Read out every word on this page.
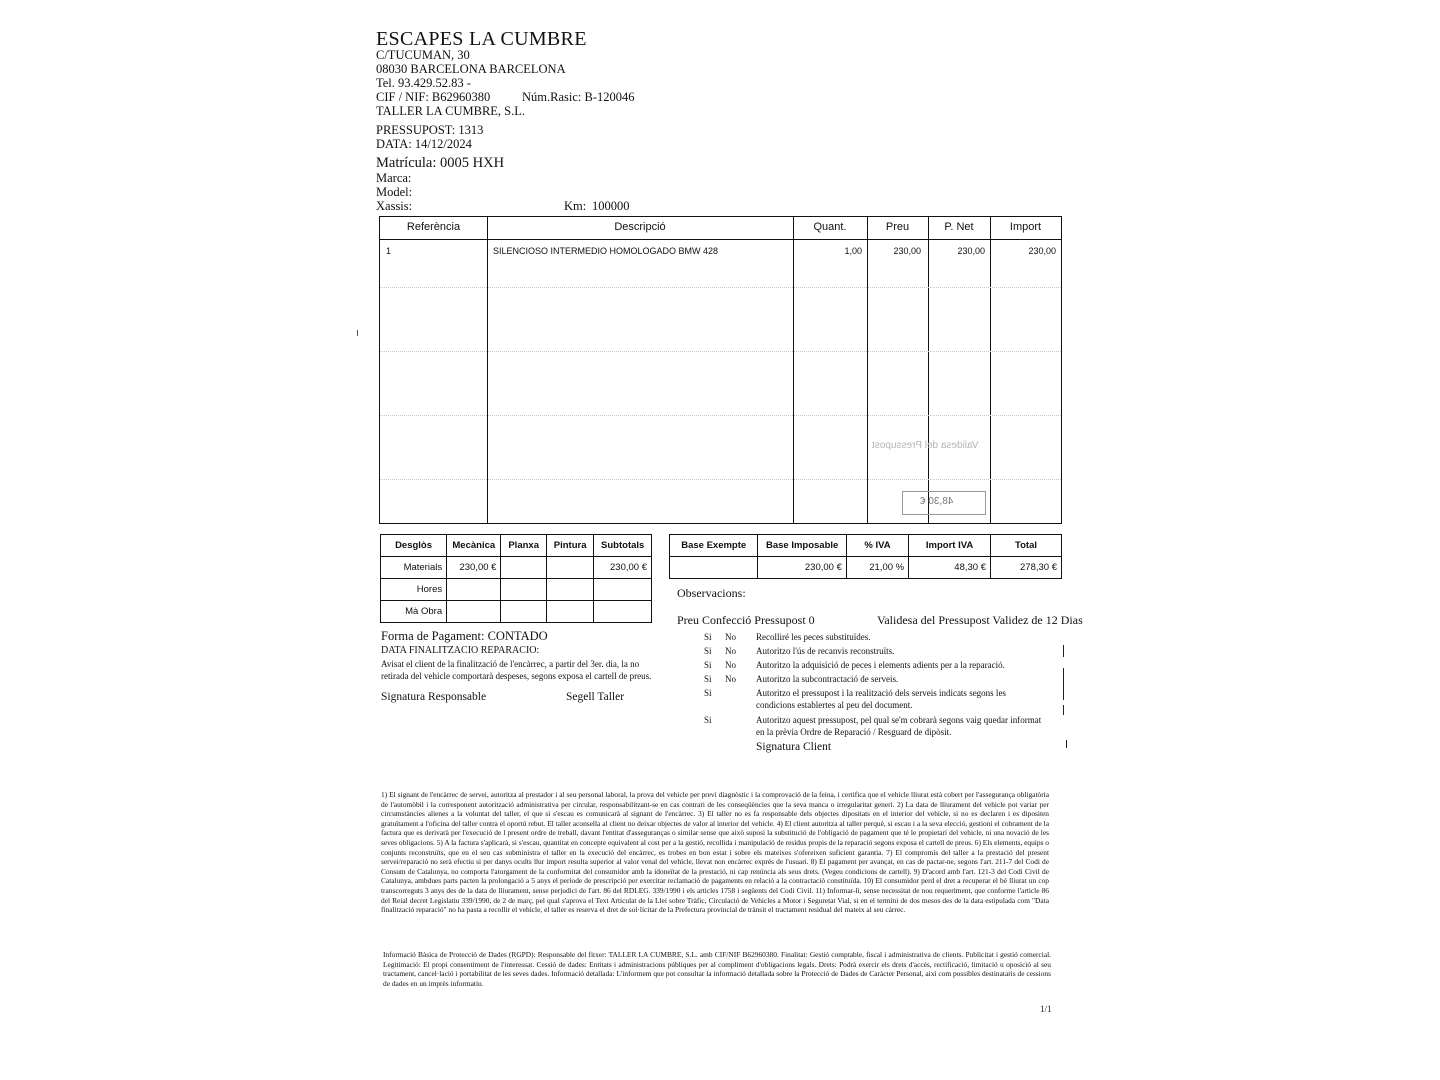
ESCAPES LA CUMBRE
C/TUCUMAN, 30
08030 BARCELONA BARCELONA
Tel. 93.429.52.83 -
CIF / NIF: B62960380	Núm.Rasic: B-120046
TALLER LA CUMBRE, S.L.
PRESSUPOST: 1313
DATA: 14/12/2024
Matrícula: 0005 HXH
Marca:
Model:
Xassis:	Km: 100000
Referència	Descripció	Quant.	Preu	P. Net	Import
1	SILENCIOSO INTERMEDIO HOMOLOGADO BMW 428	1,00	230,00	230,00	230,00
Validesa del Pressupost
48,30 €
Desglòs	Mecànica	Planxa	Pintura	Subtotals
Materials	230,00 €			230,00 €
Hores				
Mà Obra				
Base Exempte	Base Imposable	% IVA	Import IVA	Total
	230,00 €	21,00 %	48,30 €	278,30 €
Forma de Pagament: CONTADO
DATA FINALITZACIO REPARACIO:
Avisat el client de la finalització de l'encàrrec, a partir del 3er. dia, la no retirada del vehicle comportarà despeses, segons exposa el cartell de preus.
Signatura Responsable	Segell Taller
Observacions:
Preu Confecció Pressupost 0	Validesa del Pressupost Validez de 12 Dias
Si No Recolliré les peces substituïdes.
Si No Autoritzo l'ús de recanvis reconstruïts.
Si No Autoritzo la adquisició de peces i elements adients per a la reparació.
Si No Autoritzo la subcontractació de serveis.
Si	Autoritzo el pressupost i la realització dels serveis indicats segons les condicions establertes al peu del document.
Si	Autoritzo aquest pressupost, pel qual se'm cobrarà segons vaig quedar informat en la prèvia Ordre de Reparació / Resguard de dipòsit.
Signatura Client
1) El signant de l'encàrrec de servei, autoritza al prestador i al seu personal laboral, la prova del vehicle per previ diagnòstic i la comprovació de la feina, i certifica que el vehicle lliurat està cobert per l'assegurança obligatòria de l'automòbil i la corresponent autorització administrativa per circular, responsabilitzant-se en cas contrari de les conseqüències que la seva manca o irregularitat generi. 2) La data de lliurament del vehicle pot variar per circumstàncies alienes a la voluntat del taller, el que si s'escau es comunicarà al signant de l'encàrrec. 3) El taller no es fa responsable dels objectes dipositats en el interior del vehicle, si no es declaren i es dipositen gratuïtament a l'oficina del taller contra el oportú rebut. El taller aconsella al client no deixar objectes de valor al interior del vehicle. 4) El client autoritza al taller perquè, si escau i a la seva elecció, gestioni el cobrament de la factura que es derivarà per l'execució de l present ordre de treball, davant l'entitat d'asseguranças o similar sense que això suposi la substitució de l'obligació de pagament que té le propietari del vehicle, ni una novació de les seves obligacions. 5) A la factura s'aplicarà, si s'escau, quantitat en concepte equivalent al cost per a la gestió, recollida i manipulació de residus propis de la reparació segons exposa el cartell de preus. 6) Els elements, equips o conjunts reconstruïts, que en el seu cas subministra el taller en la execució del encàrrec, es trobes en bon estat i sobre els mateixes s'ofereixen suficient garantia. 7) El compromís del taller a la prestació del present servei/reparació no serà efectiu si per danys ocults llur import resulta superior al valor venal del vehicle, llevat non encàrrec exprés de l'usuari. 8) El pagament per avançat, en cas de pactar-ne, segons l'art. 211-7 del Codi de Consum de Catalunya, no comporta l'atorgament de la conformitat del consumidor amb la idoneïtat de la prestació, ni cap renúncia als seus drets. (Vegeu condicions de cartell). 9) D'acord amb l'art. 121-3 del Codi Civil de Catalunya, ambdues parts pacten la prolongació a 5 anys el període de prescripció per exercitar reclamació de pagaments en relació a la contractació constituïda. 10) El consumidor perd el dret a recuperar el bé lliurat un cop transcorreguts 3 anys des de la data de lliurament, sense perjudici de l'art. 86 del RDLEG. 339/1990 i els articles 1758 i següents del Codi Civil. 11) Informar-li, sense necessitat de nou requeriment, que conforme l'article 86 del Reial decret Legislatiu 339/1990, de 2 de març, pel qual s'aprova el Text Articulat de la Llei sobre Tràfic, Circulació de Vehicles a Motor i Seguretat Vial, si en el termini de dos mesos des de la data estipulada com "Data finalització reparació" no ha pasta a recollir el vehicle, el taller es reserva el dret de sol·licitar de la Prefectura provincial de trànsit el tractament residual del mateix al seu càrrec.
Informació Bàsica de Protecció de Dades (RGPD): Responsable del fitxer: TALLER LA CUMBRE, S.L. amb CIF/NIF B62960380. Finalitat: Gestió comptable, fiscal i administrativa de clients. Publicitat i gestió comercial. Legitimació: El propi consentiment de l'interessat. Cessió de dades: Entitats i administracions públiques per al compliment d'obligacions legals. Drets: Podrà exercir els drets d'accés, rectificació, limitació u oposició al seu tractament, cancel·lació i portabilitat de les seves dades. Informació detallada: L'informem que pot consultar la informació detallada sobre la Protecció de Dades de Caràcter Personal, així com possibles destinataris de cessions de dades en un imprès informatiu.
1/1
